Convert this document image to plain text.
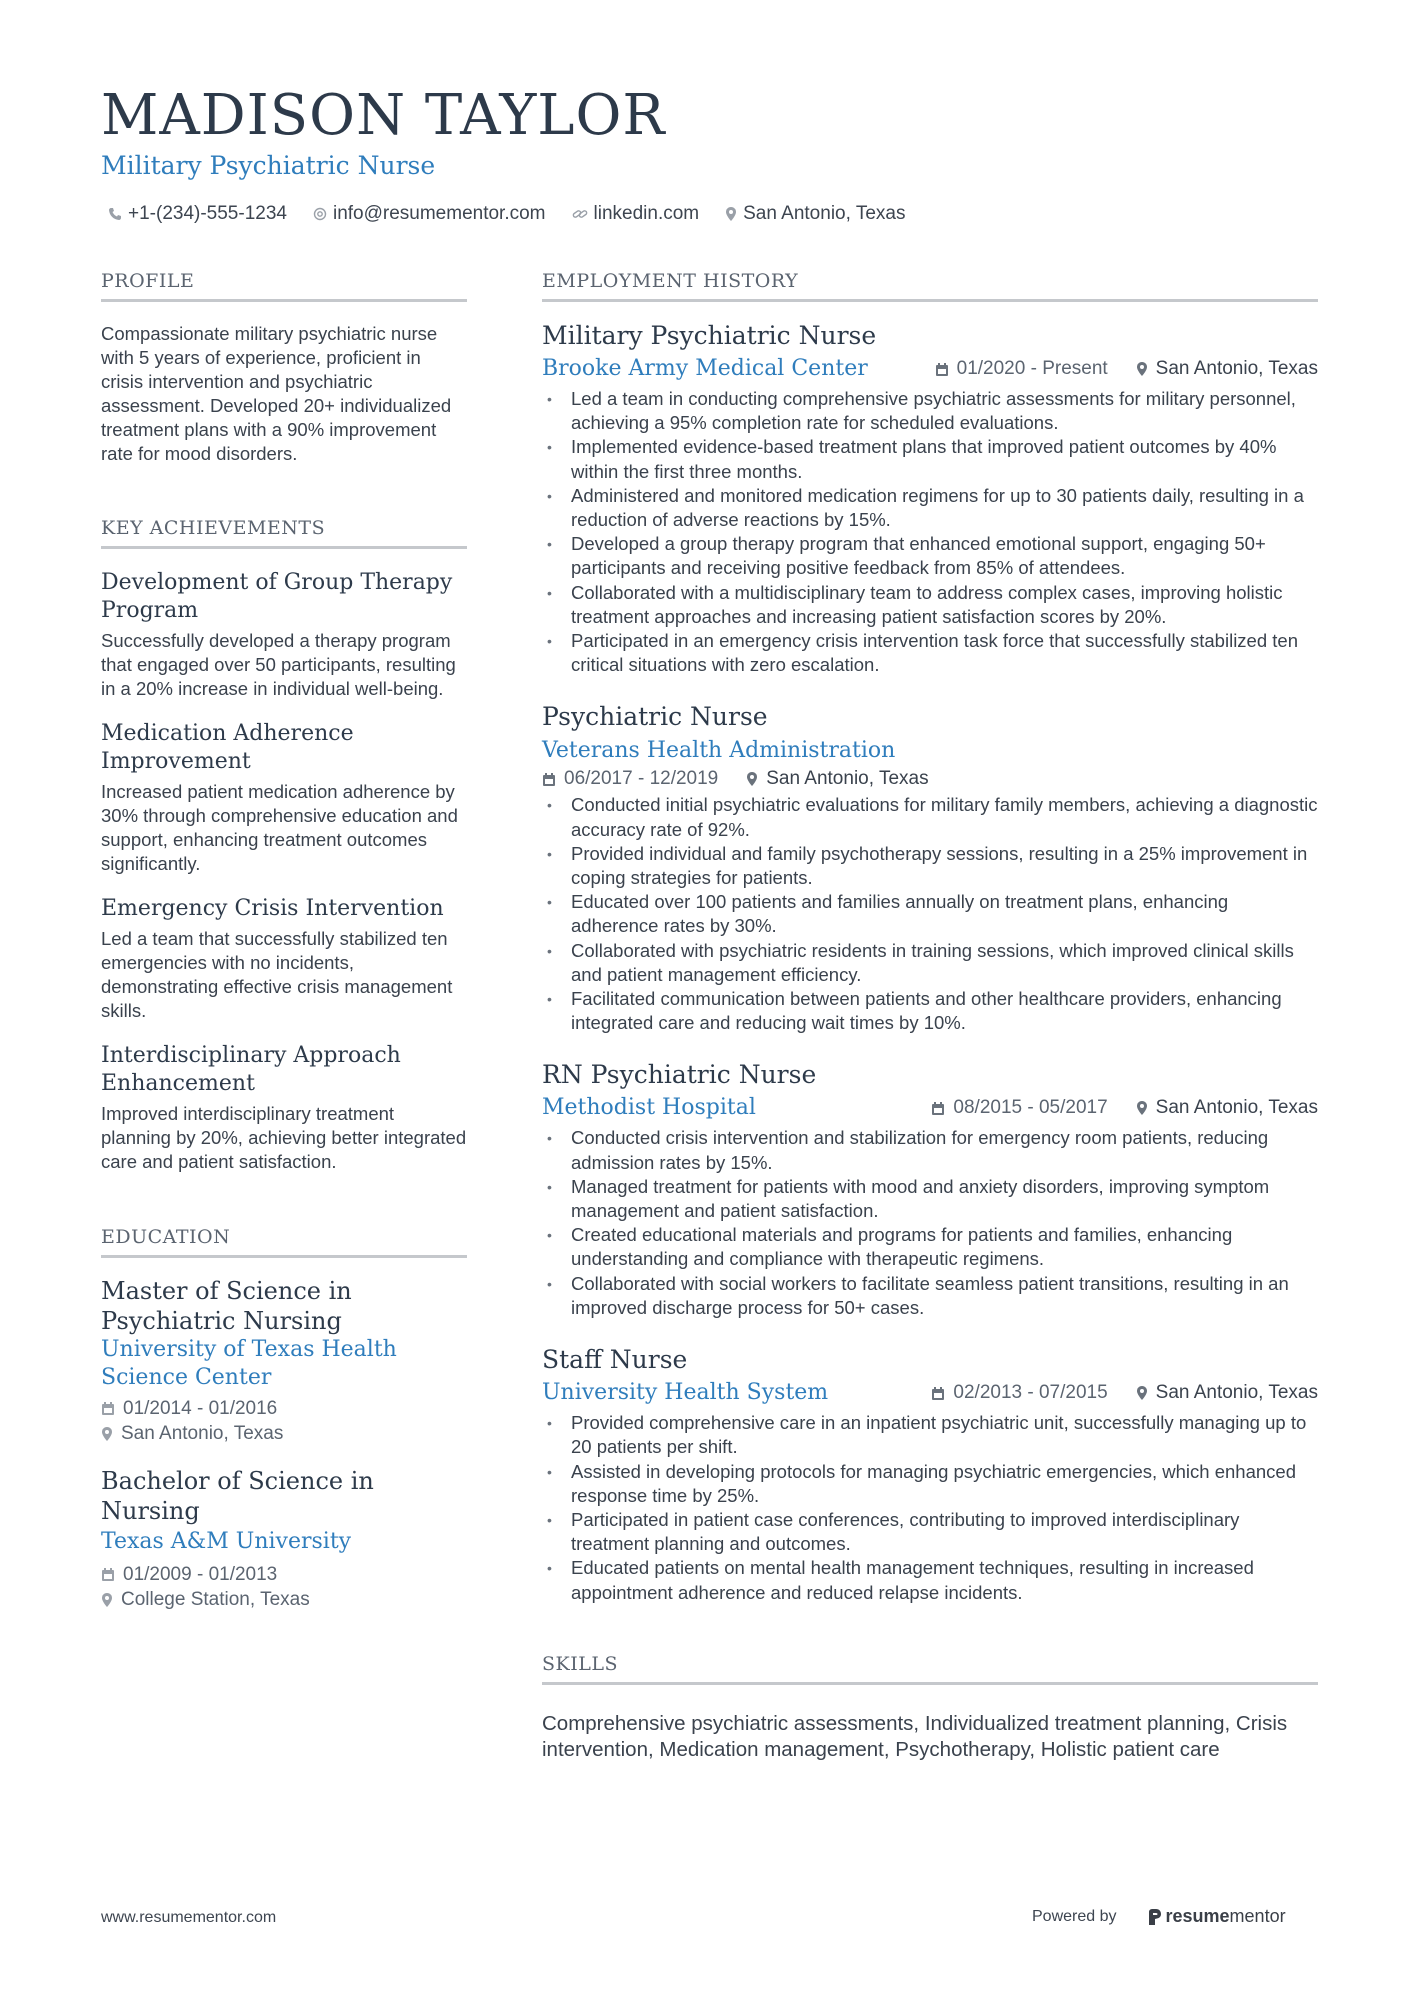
MADISON TAYLOR
Military Psychiatric Nurse
+1-(234)-555-1234 info@resumementor.com	linkedin.com San Antonio, Texas
PROFILE

Compassionate military psychiatric nurse with 5 years of experience, proficient in crisis intervention and psychiatric assessment. Developed 20+ individualized treatment plans with a 90% improvement rate for mood disorders.

KEY ACHIEVEMENTS
Development of Group Therapy Program

Successfully developed a therapy program that engaged over 50 participants, resulting in a 20% increase in individual well-being.

Medication Adherence Improvement

Increased patient medication adherence by 30% through comprehensive education and support, enhancing treatment outcomes significantly.

Emergency Crisis Intervention

Led a team that successfully stabilized ten emergencies with no incidents, demonstrating effective crisis management skills.

Interdisciplinary Approach Enhancement

Improved interdisciplinary treatment planning by 20%, achieving better integrated care and patient satisfaction.

EDUCATION
Master of Science in Psychiatric Nursing
University of Texas Health Science Center
01/2014 - 01/2016
San Antonio, Texas
Bachelor of Science in Nursing
Texas A&M University
01/2009 - 01/2013
College Station, Texas
EMPLOYMENT HISTORY
Military Psychiatric Nurse
Brooke Army Medical Center	01/2020 - Present	San Antonio, Texas
• Led a team in conducting comprehensive psychiatric assessments for military personnel, achieving a 95% completion rate for scheduled evaluations.
• Implemented evidence-based treatment plans that improved patient outcomes by 40% within the first three months.
• Administered and monitored medication regimens for up to 30 patients daily, resulting in a reduction of adverse reactions by 15%.
• Developed a group therapy program that enhanced emotional support, engaging 50+ participants and receiving positive feedback from 85% of attendees.
• Collaborated with a multidisciplinary team to address complex cases, improving holistic treatment approaches and increasing patient satisfaction scores by 20%.
• Participated in an emergency crisis intervention task force that successfully stabilized ten critical situations with zero escalation.
Psychiatric Nurse
Veterans Health Administration
06/2017 - 12/2019	San Antonio, Texas
• Conducted initial psychiatric evaluations for military family members, achieving a diagnostic accuracy rate of 92%.
• Provided individual and family psychotherapy sessions, resulting in a 25% improvement in coping strategies for patients.
• Educated over 100 patients and families annually on treatment plans, enhancing adherence rates by 30%.
• Collaborated with psychiatric residents in training sessions, which improved clinical skills and patient management efficiency.
• Facilitated communication between patients and other healthcare providers, enhancing integrated care and reducing wait times by 10%.
RN Psychiatric Nurse
Methodist Hospital	08/2015 - 05/2017	San Antonio, Texas
• Conducted crisis intervention and stabilization for emergency room patients, reducing admission rates by 15%.
• Managed treatment for patients with mood and anxiety disorders, improving symptom management and patient satisfaction.
• Created educational materials and programs for patients and families, enhancing understanding and compliance with therapeutic regimens.
• Collaborated with social workers to facilitate seamless patient transitions, resulting in an improved discharge process for 50+ cases.
Staff Nurse
University Health System	02/2013 - 07/2015	San Antonio, Texas
• Provided comprehensive care in an inpatient psychiatric unit, successfully managing up to 20 patients per shift.
• Assisted in developing protocols for managing psychiatric emergencies, which enhanced response time by 25%.
• Participated in patient case conferences, contributing to improved interdisciplinary treatment planning and outcomes.
• Educated patients on mental health management techniques, resulting in increased appointment adherence and reduced relapse incidents.
SKILLS

Comprehensive psychiatric assessments, Individualized treatment planning, Crisis intervention, Medication management, Psychotherapy, Holistic patient care

www.resumementor.com	Powered by	resume mentor
